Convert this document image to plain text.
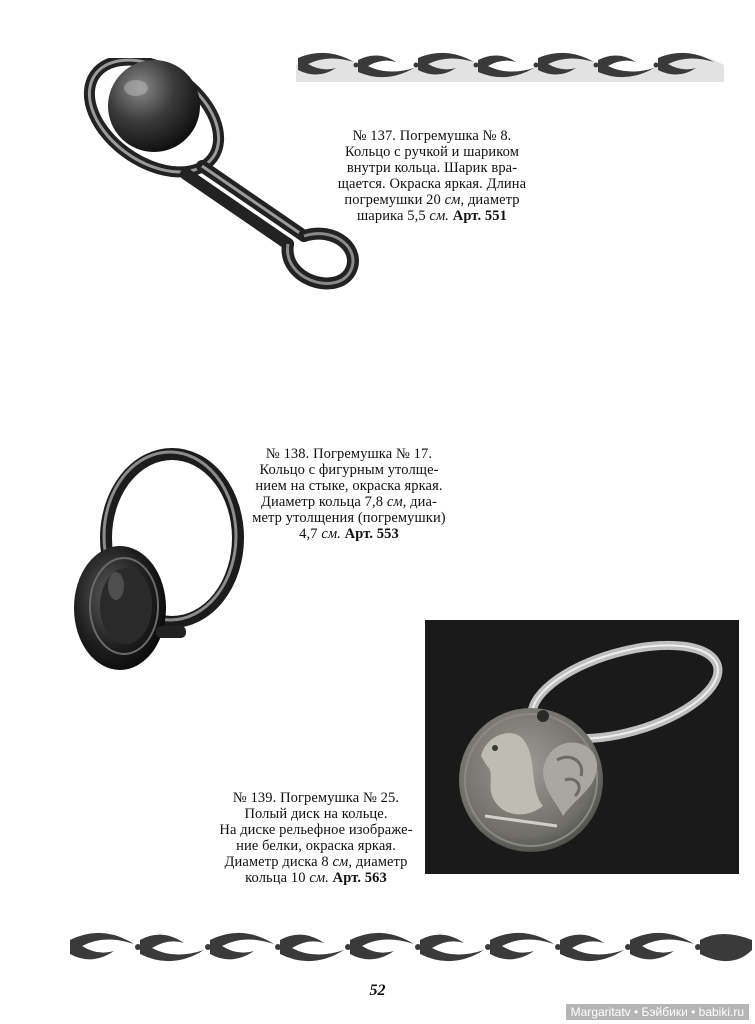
№ 137. Погремушка № 8.
Кольцо с ручкой и шариком
внутри кольца. Шарик вра-
щается. Окраска яркая. Длина
погремушки 20 см, диаметр
шарика 5,5 см. Арт. 551
№ 138. Погремушка № 17.
Кольцо с фигурным утолще-
нием на стыке, окраска яркая.
Диаметр кольца 7,8 см, диа-
метр утолщения (погремушки)
4,7 см. Арт. 553
№ 139. Погремушка № 25.
Полый диск на кольце.
На диске рельефное изображе-
ние белки, окраска яркая.
Диаметр диска 8 см, диаметр
кольца 10 см. Арт. 563
52
Margaritatv • Бэйбики • babiki.ru
